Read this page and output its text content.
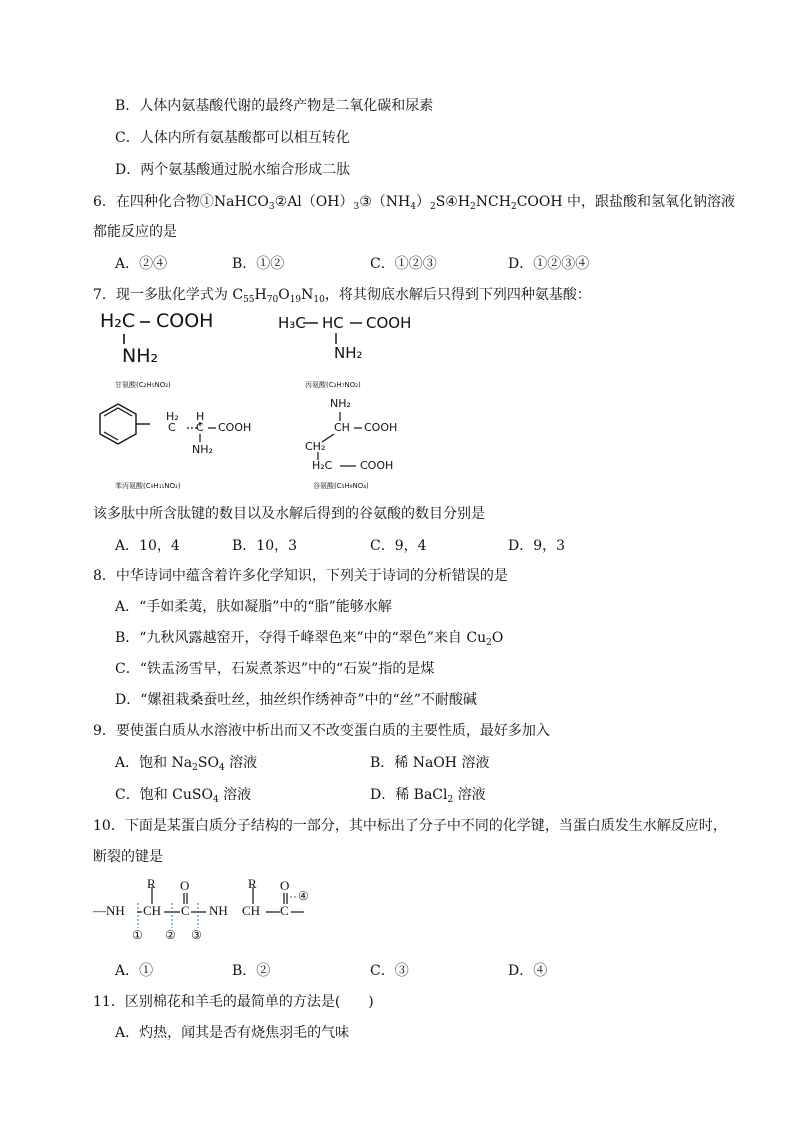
B．人体内氨基酸代谢的最终产物是二氧化碳和尿素
C．人体内所有氨基酸都可以相互转化
D．两个氨基酸通过脱水缩合形成二肽
6．在四种化合物$①NaHCO_3②Al(OH)_3③(NH_4)_2S④H_2NCH_2COOH$ 中，跟盐酸和氢氧化钠溶液
都能反应的是
A．②④	B．①②	C．①②③	D．①②③④
7．现一多肽化学式为 $C_{55}H_{70}O_{19}N_{10}$，将其彻底水解后只得到下列四种氨基酸：
H₂C COOH
NH₂
甘氨酸(C₂H₅NO₂)
H₃C HC COOH
NH₂
丙氨酸(C₃H₇NO₂)
H₂ H
C C COOH
NH₂
苯丙氨酸(C₉H₁₁NO₂)
NH₂
CH COOH
CH₂
H₂C	COOH
谷氨酸(C₅H₉NO₄)
该多肽中所含肽键的数目以及水解后得到的谷氨酸的数目分别是
A．10，4	B．10，3	C．9，4	D．9，3
8．中华诗词中蕴含着许多化学知识，下列关于诗词的分析错误的是
A．“手如柔荑，肤如凝脂”中的“脂”能够水解
B．“九秋风露越窑开，夺得千峰翠色来”中的“翠色”来自 $Cu_2O$
C．“铁盂汤雪早，石炭煮茶迟”中的“石炭”指的是煤
D．“嫘祖栽桑蚕吐丝，抽丝织作绣神奇”中的“丝”不耐酸碱
9．要使蛋白质从水溶液中析出而又不改变蛋白质的主要性质，最好多加入
A．饱和 $Na_2SO_4$ 溶液	B．稀 NaOH 溶液
C．饱和 CuSO$_4$ 溶液	D．稀 BaCl$_2$ 溶液
10．下面是某蛋白质分子结构的一部分，其中标出了分子中不同的化学键，当蛋白质发生水解反应时，
断裂的键是
R O	R O
—NH CH C NH CH C
④
① ② ③
A．①	B．②	C．③	D．④
11．区别棉花和羊毛的最简单的方法是(　　)
A．灼热，闻其是否有烧焦羽毛的气味
